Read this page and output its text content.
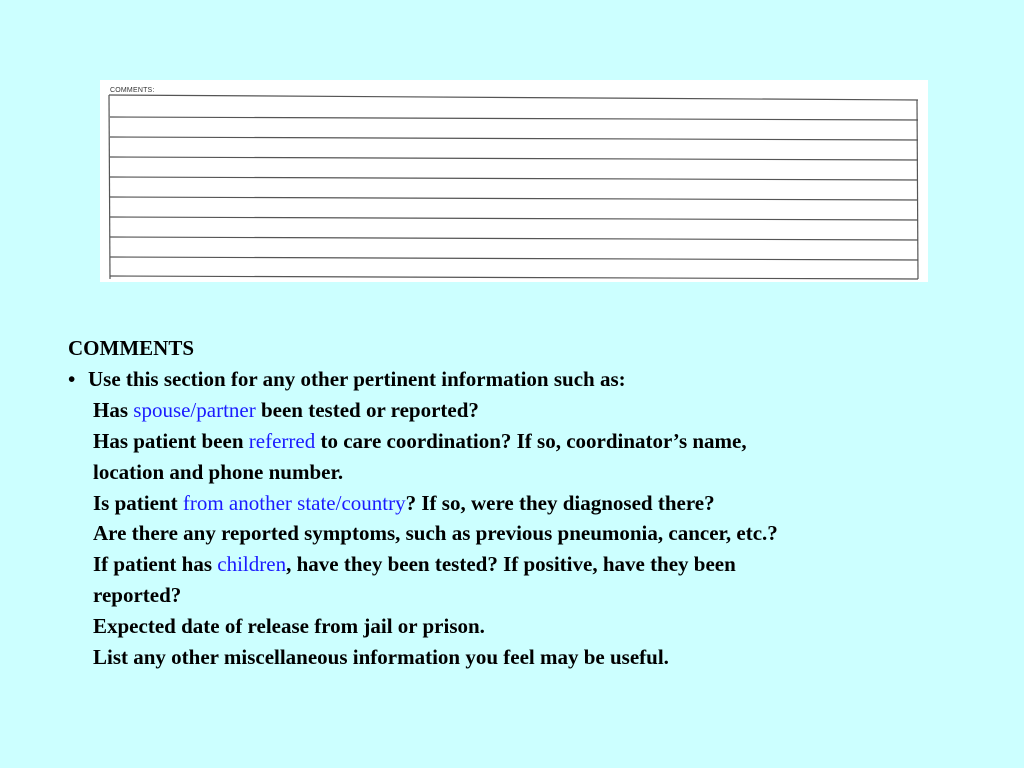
COMMENTS:
COMMENTS
• Use this section for any other pertinent information such as:
Has spouse/partner been tested or reported?
Has patient been referred to care coordination? If so, coordinator’s name,
location and phone number.
Is patient from another state/country? If so, were they diagnosed there?
Are there any reported symptoms, such as previous pneumonia, cancer, etc.?
If patient has children, have they been tested? If positive, have they been
reported?
Expected date of release from jail or prison.
List any other miscellaneous information you feel may be useful.
